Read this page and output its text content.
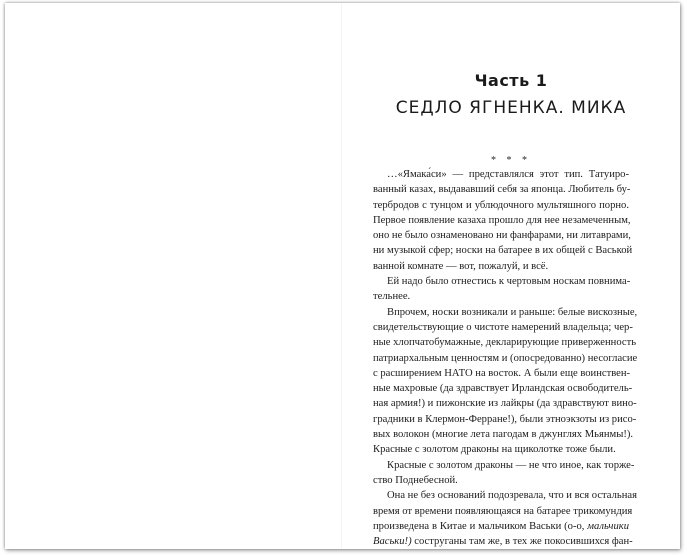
Часть 1
СЕДЛО ЯГНЕНКА. МИКА
* * *
…«Ямака́си» — представлялся этот тип. Татуиро-
ванный казах, выдававший себя за японца. Любитель бу-
тербродов с тунцом и ублюдочного мультяшного порно.
Первое появление казаха прошло для нее незамеченным,
оно не было ознаменовано ни фанфарами, ни литаврами,
ни музыкой сфер; носки на батарее в их общей с Васькой
ванной комнате — вот, пожалуй, и всё.
Ей надо было отнестись к чертовым носкам повнима-
тельнее.
Впрочем, носки возникали и раньше: белые вискозные,
свидетельствующие о чистоте намерений владельца; чер-
ные хлопчатобумажные, декларирующие приверженность
патриархальным ценностям и (опосредованно) несогласие
с расширением НАТО на восток. А были еще воинствен-
ные махровые (да здравствует Ирландская освободитель-
ная армия!) и пижонские из лайкры (да здравствуют вино-
градники в Клермон-Ферране!), были этноэкзоты из рисо-
вых волокон (многие лета пагодам в джунглях Мьянмы!).
Красные с золотом драконы на щиколотке тоже были.
Красные с золотом драконы — не что иное, как торже-
ство Поднебесной.
Она не без оснований подозревала, что и вся остальная
время от времени появляющаяся на батарее трикомундия
произведена в Китае и мальчиком Васьки (о-о, мальчики
Васьки!) сострyганы там же, в тех же покосившихся фан-
